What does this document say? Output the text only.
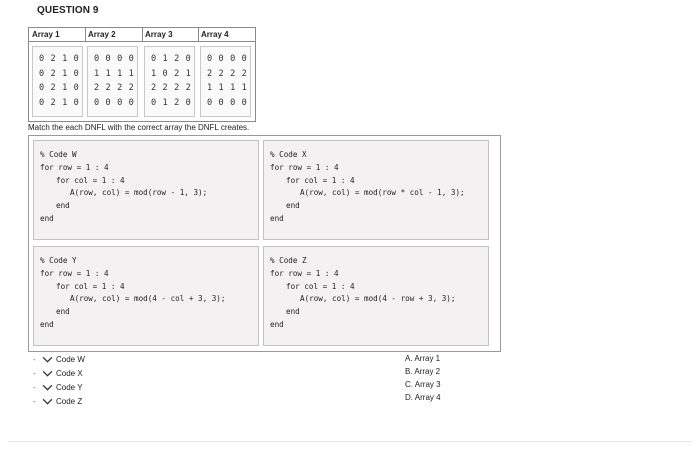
QUESTION 9
Array 1	Array 2	Array 3	Array 4
0 2 1 0
0 2 1 0
0 2 1 0
0 2 1 0
0 0 0 0
1 1 1 1
2 2 2 2
0 0 0 0
0 1 2 0
1 0 2 1
2 2 2 2
0 1 2 0
0 0 0 0
2 2 2 2
1 1 1 1
0 0 0 0
Match the each DNFL with the correct array the DNFL creates.
% Code W
for row = 1 : 4
for col = 1 : 4
A(row, col) = mod(row - 1, 3);
end
end
% Code X
for row = 1 : 4
for col = 1 : 4
A(row, col) = mod(row * col - 1, 3);
end
end
% Code Y
for row = 1 : 4
for col = 1 : 4
A(row, col) = mod(4 - col + 3, 3);
end
end
% Code Z
for row = 1 : 4
for col = 1 : 4
A(row, col) = mod(4 - row + 3, 3);
end
end
-	Code W
-	Code X
-	Code Y
-	Code Z
A. Array 1
B. Array 2
C. Array 3
D. Array 4
